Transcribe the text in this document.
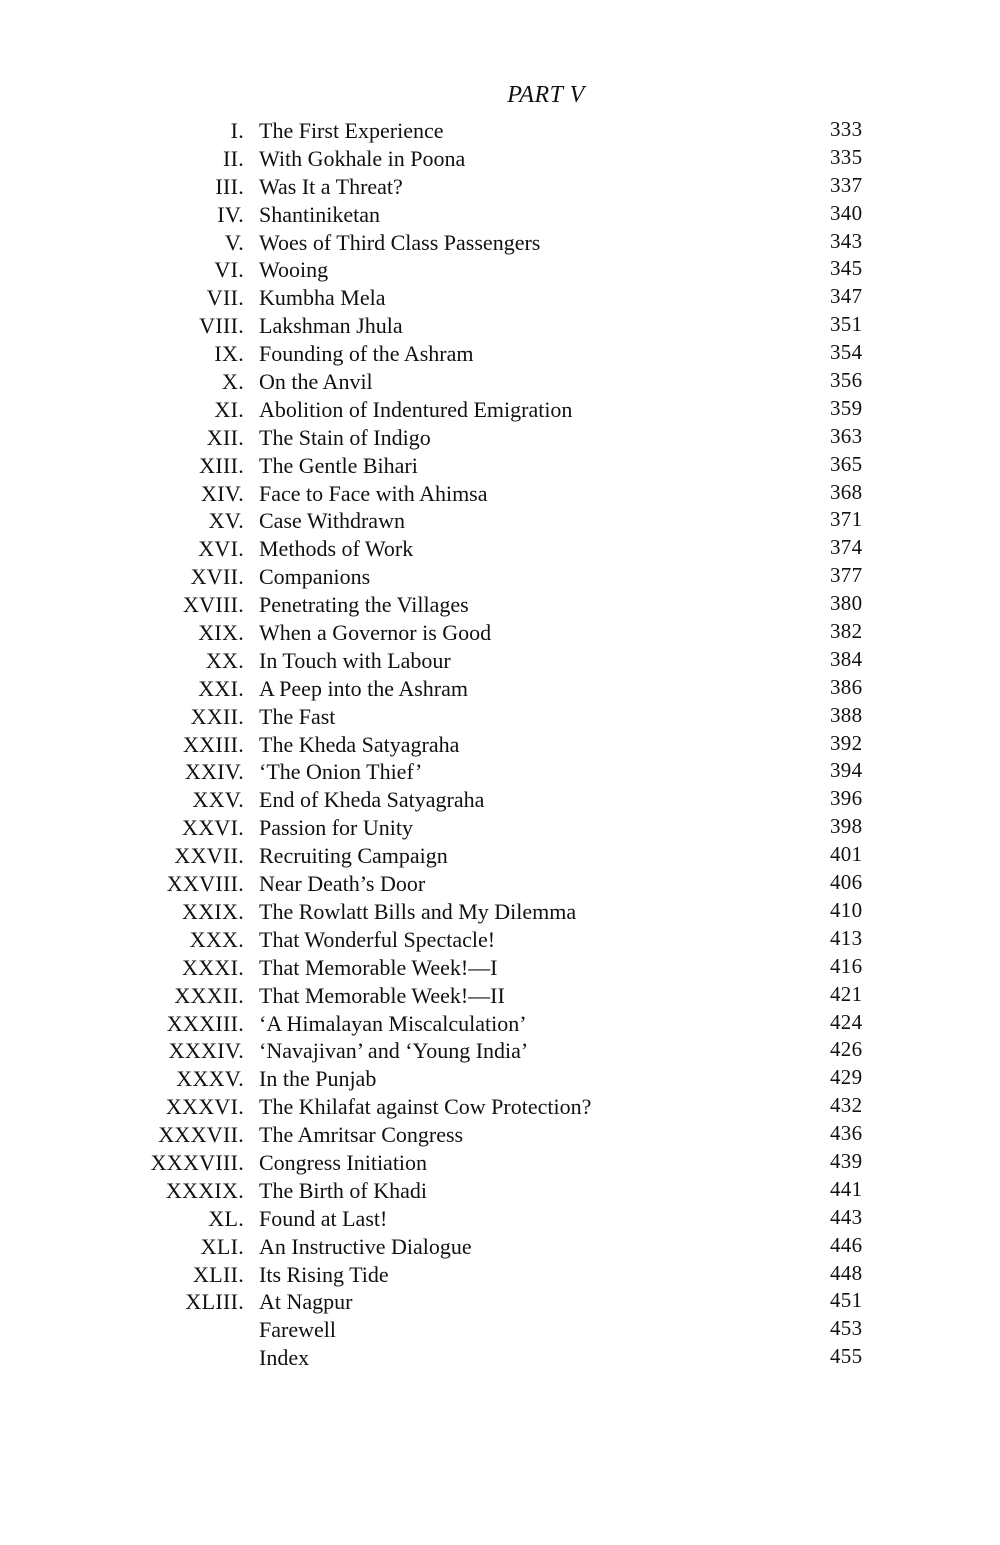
PART V
I. The First Experience	333
II. With Gokhale in Poona	335
III. Was It a Threat?	337
IV. Shantiniketan	340
V. Woes of Third Class Passengers	343
VI. Wooing	345
VII. Kumbha Mela	347
VIII. Lakshman Jhula	351
IX. Founding of the Ashram	354
X. On the Anvil	356
XI. Abolition of Indentured Emigration	359
XII. The Stain of Indigo	363
XIII. The Gentle Bihari	365
XIV. Face to Face with Ahimsa	368
XV. Case Withdrawn	371
XVI. Methods of Work	374
XVII. Companions	377
XVIII. Penetrating the Villages	380
XIX. When a Governor is Good	382
XX. In Touch with Labour	384
XXI. A Peep into the Ashram	386
XXII. The Fast	388
XXIII. The Kheda Satyagraha	392
XXIV. ‘The Onion Thief’	394
XXV. End of Kheda Satyagraha	396
XXVI. Passion for Unity	398
XXVII. Recruiting Campaign	401
XXVIII. Near Death’s Door	406
XXIX. The Rowlatt Bills and My Dilemma	410
XXX. That Wonderful Spectacle!	413
XXXI. That Memorable Week!—I	416
XXXII. That Memorable Week!—II	421
XXXIII. ‘A Himalayan Miscalculation’	424
XXXIV. ‘Navajivan’ and ‘Young India’	426
XXXV. In the Punjab	429
XXXVI. The Khilafat against Cow Protection?	432
XXXVII. The Amritsar Congress	436
XXXVIII. Congress Initiation	439
XXXIX. The Birth of Khadi	441
XL. Found at Last!	443
XLI. An Instructive Dialogue	446
XLII. Its Rising Tide	448
XLIII. At Nagpur	451
Farewell	453
Index	455
